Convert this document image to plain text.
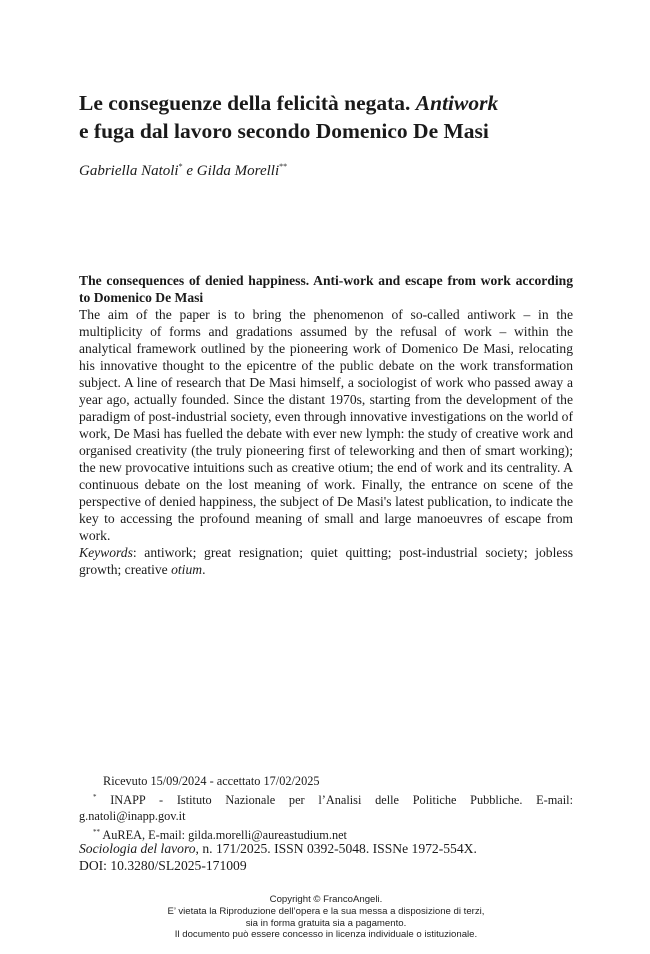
Le conseguenze della felicità negata. Antiwork
e fuga dal lavoro secondo Domenico De Masi
Gabriella Natoli* e Gilda Morelli**

The consequences of denied happiness. Anti-work and escape from work according to Domenico De Masi

The aim of the paper is to bring the phenomenon of so-called antiwork – in the multiplicity of forms and gradations assumed by the refusal of work – within the analytical framework outlined by the pioneering work of Domenico De Masi, relocating his innovative thought to the epicentre of the public debate on the work transformation subject. A line of research that De Masi himself, a sociologist of work who passed away a year ago, actually founded. Since the distant 1970s, starting from the development of the paradigm of post-industrial society, even through innovative investigations on the world of work, De Masi has fuelled the debate with ever new lymph: the study of creative work and organised creativity (the truly pioneering first of teleworking and then of smart working); the new provocative intuitions such as creative otium; the end of work and its centrality. A continuous debate on the lost meaning of work. Finally, the entrance on scene of the perspective of denied happiness, the subject of De Masi's latest publication, to indicate the key to accessing the profound meaning of small and large manoeuvres of escape from work.

Keywords: antiwork; great resignation; quiet quitting; post-industrial society; jobless growth; creative otium.

Ricevuto 15/09/2024 - accettato 17/02/2025

* INAPP - Istituto Nazionale per l’Analisi delle Politiche Pubbliche. E-mail: g.natoli@inapp.gov.it

** AuREA, E-mail: gilda.morelli@aureastudium.net

Sociologia del lavoro, n. 171/2025. ISSN 0392-5048. ISSNe 1972-554X.

DOI: 10.3280/SL2025-171009

Copyright © FrancoAngeli.
E’ vietata la Riproduzione dell’opera e la sua messa a disposizione di terzi,
sia in forma gratuita sia a pagamento.
Il documento può essere concesso in licenza individuale o istituzionale.
